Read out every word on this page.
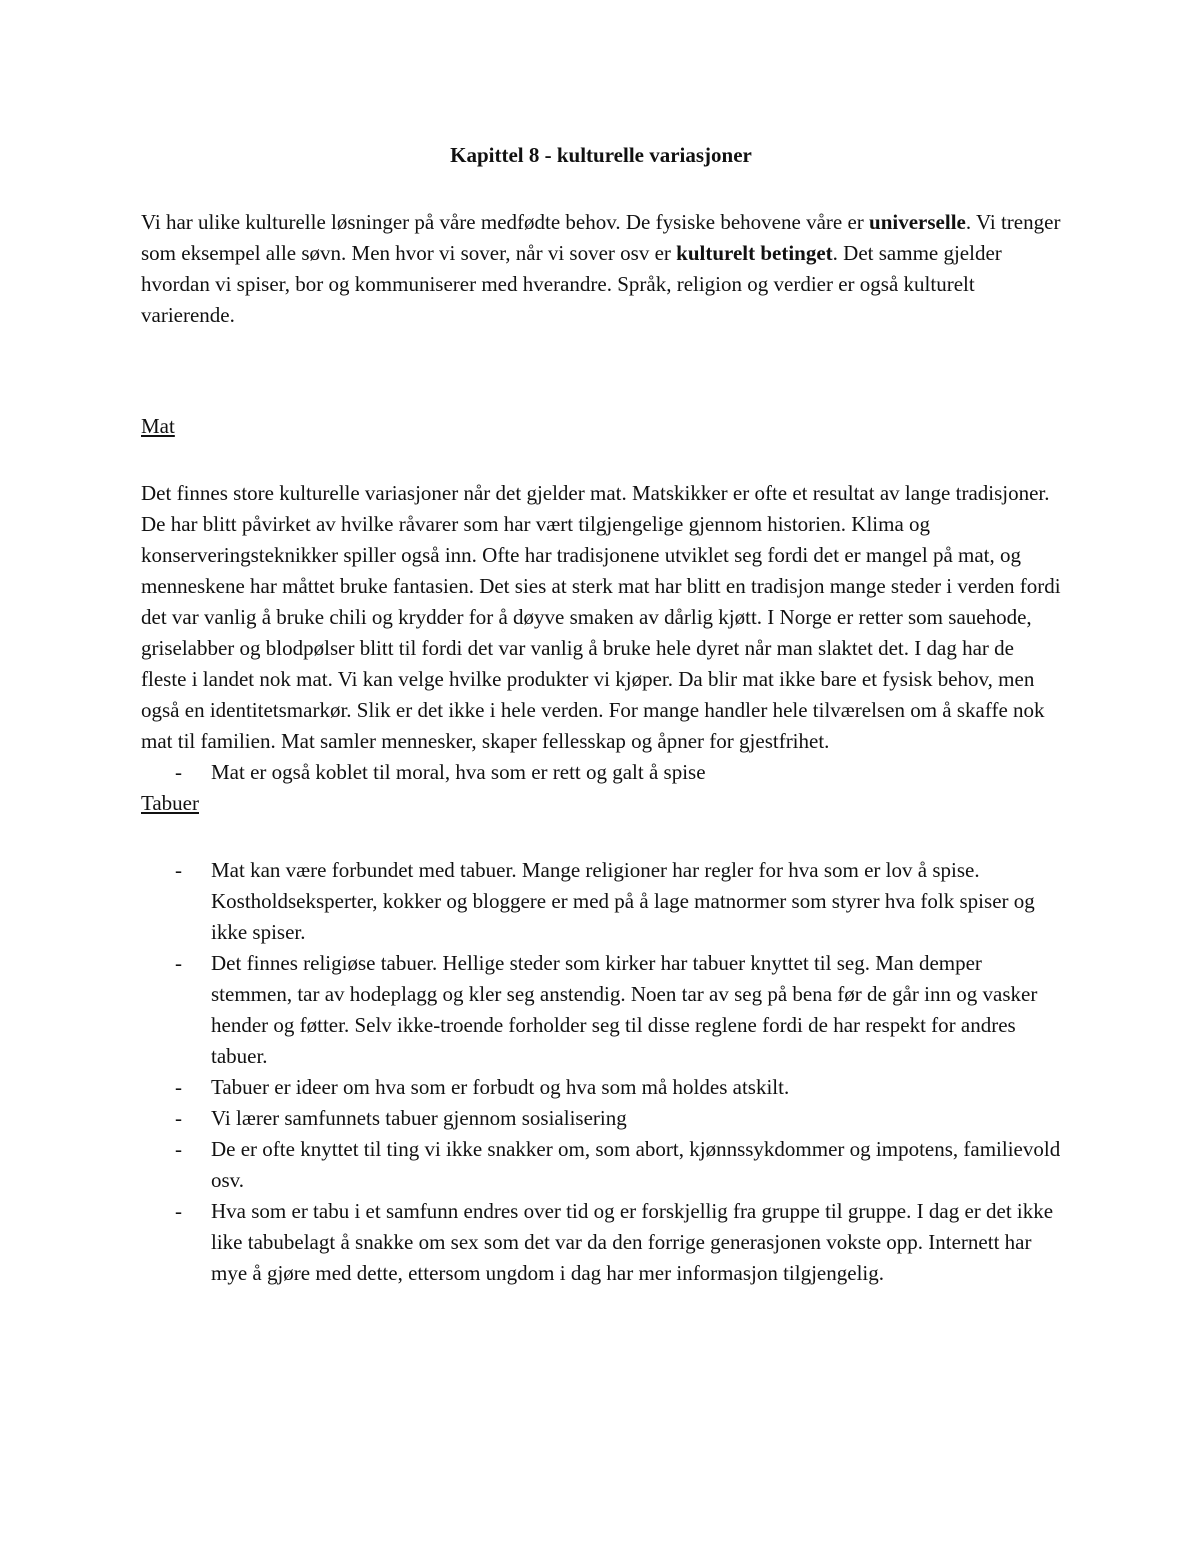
Kapittel 8 - kulturelle variasjoner

Vi har ulike kulturelle løsninger på våre medfødte behov. De fysiske behovene våre er universelle. Vi trenger som eksempel alle søvn. Men hvor vi sover, når vi sover osv er kulturelt betinget. Det samme gjelder hvordan vi spiser, bor og kommuniserer med hverandre. Språk, religion og verdier er også kulturelt varierende.

Mat

Det finnes store kulturelle variasjoner når det gjelder mat. Matskikker er ofte et resultat av lange tradisjoner. De har blitt påvirket av hvilke råvarer som har vært tilgjengelige gjennom historien. Klima og konserveringsteknikker spiller også inn. Ofte har tradisjonene utviklet seg fordi det er mangel på mat, og menneskene har måttet bruke fantasien. Det sies at sterk mat har blitt en tradisjon mange steder i verden fordi det var vanlig å bruke chili og krydder for å døyve smaken av dårlig kjøtt. I Norge er retter som sauehode, griselabber og blodpølser blitt til fordi det var vanlig å bruke hele dyret når man slaktet det. I dag har de fleste i landet nok mat. Vi kan velge hvilke produkter vi kjøper. Da blir mat ikke bare et fysisk behov, men også en identitetsmarkør. Slik er det ikke i hele verden. For mange handler hele tilværelsen om å skaffe nok mat til familien. Mat samler mennesker, skaper fellesskap og åpner for gjestfrihet.

- Mat er også koblet til moral, hva som er rett og galt å spise
Tabuer
- Mat kan være forbundet med tabuer. Mange religioner har regler for hva som er lov å spise. Kostholdseksperter, kokker og bloggere er med på å lage matnormer som styrer hva folk spiser og ikke spiser.
- Det finnes religiøse tabuer. Hellige steder som kirker har tabuer knyttet til seg. Man demper stemmen, tar av hodeplagg og kler seg anstendig. Noen tar av seg på bena før de går inn og vasker hender og føtter. Selv ikke-troende forholder seg til disse reglene fordi de har respekt for andres tabuer.
- Tabuer er ideer om hva som er forbudt og hva som må holdes atskilt.
- Vi lærer samfunnets tabuer gjennom sosialisering
- De er ofte knyttet til ting vi ikke snakker om, som abort, kjønnssykdommer og impotens, familievold osv.
- Hva som er tabu i et samfunn endres over tid og er forskjellig fra gruppe til gruppe. I dag er det ikke like tabubelagt å snakke om sex som det var da den forrige generasjonen vokste opp. Internett har mye å gjøre med dette, ettersom ungdom i dag har mer informasjon tilgjengelig.
